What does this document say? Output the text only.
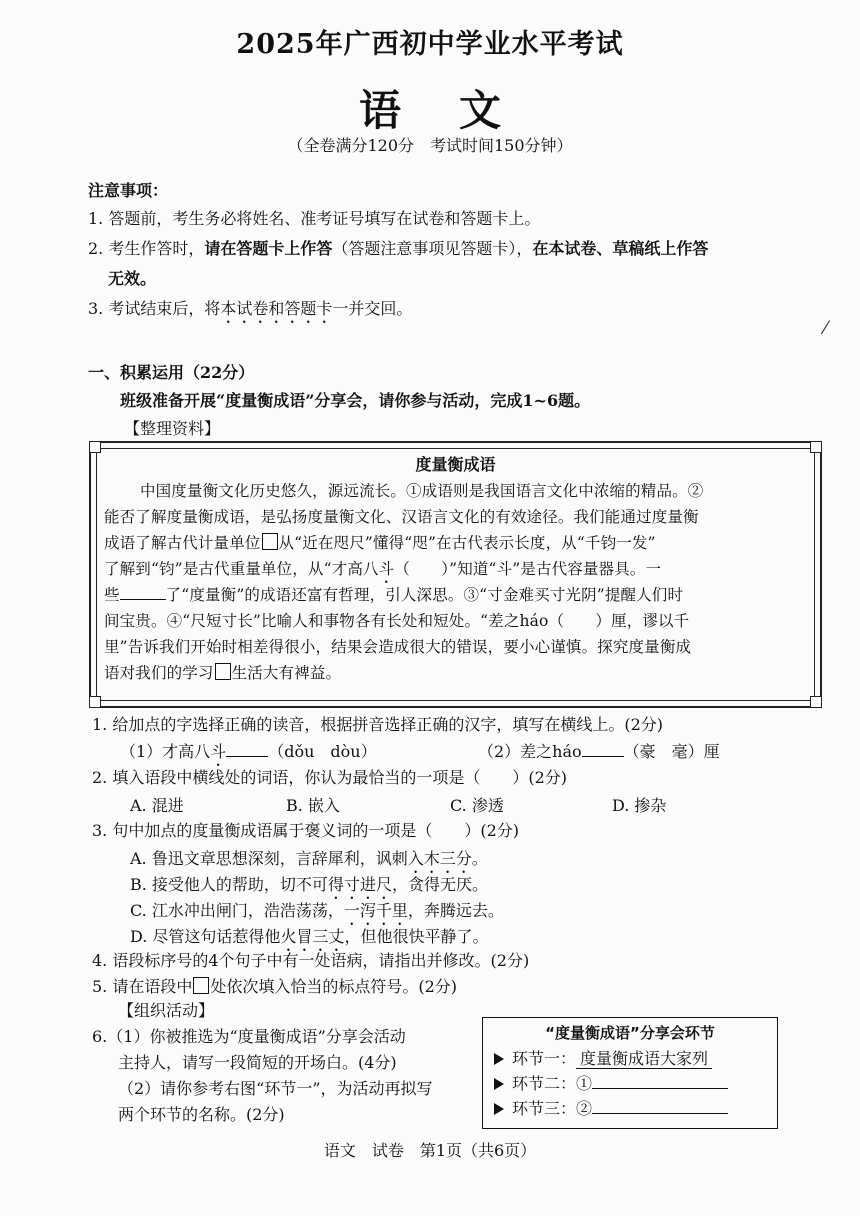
2025年广西初中学业水平考试
语 文
（全卷满分120分　考试时间150分钟）
注意事项：
1. 答题前，考生务必将姓名、准考证号填写在试卷和答题卡上。
2. 考生作答时，请在答题卡上作答（答题注意事项见答题卡），在本试卷、草稿纸上作答
无效。
3. 考试结束后，将本试卷和答题卡一并交回。
⁄
一、积累运用（22分）
班级准备开展“度量衡成语”分享会，请你参与活动，完成1~6题。
【整理资料】
度量衡成语
中国度量衡文化历史悠久，源远流长。①成语则是我国语言文化中浓缩的精品。②
能否了解度量衡成语，是弘扬度量衡文化、汉语言文化的有效途径。我们能通过度量衡
成语了解古代计量单位 从“近在咫尺”懂得“咫”在古代表示长度，从“千钧一发”
了解到“钧”是古代重量单位，从“才高八斗（　　）”知道“斗”是古代容量器具。一
些	了“度量衡”的成语还富有哲理，引人深思。③“寸金难买寸光阴”提醒人们时
间宝贵。④“尺短寸长”比喻人和事物各有长处和短处。“差之háo（　　）厘，谬以千
里”告诉我们开始时相差得很小，结果会造成很大的错误，要小心谨慎。探究度量衡成
语对我们的学习 生活大有裨益。
1. 给加点的字选择正确的读音，根据拼音选择正确的汉字，填写在横线上。(2分)
（1）才高八斗	（dǒu　dòu）	（2）差之háo	（豪　毫）厘
2. 填入语段中横线处的词语，你认为最恰当的一项是（　　）(2分)
A. 混进	B. 嵌入	C. 渗透	D. 掺杂
3. 句中加点的度量衡成语属于褒义词的一项是（　　）(2分)
A. 鲁迅文章思想深刻，言辞犀利，讽刺入木三分。
B. 接受他人的帮助，切不可得寸进尺，贪得无厌。
C. 江水冲出闸门，浩浩荡荡，一泻千里，奔腾远去。
D. 尽管这句话惹得他火冒三丈，但他很快平静了。
4. 语段标序号的4个句子中有一处语病，请指出并修改。(2分)
5. 请在语段中 处依次填入恰当的标点符号。(2分)
【组织活动】
6.（1）你被推选为“度量衡成语”分享会活动
主持人，请写一段简短的开场白。(4分)
（2）请你参考右图“环节一”，为活动再拟写
两个环节的名称。(2分)
“度量衡成语”分享会环节
环节一： 度量衡成语大家列
环节二：①
环节三：②
语文　试卷　第1页（共6页）
